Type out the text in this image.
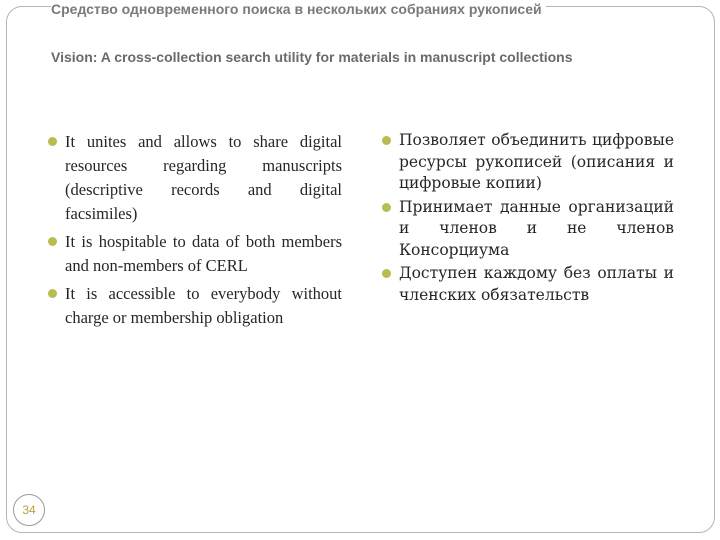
Средство одновременного поиска в нескольких собраниях рукописей
Vision: A cross-collection search utility for materials in manuscript collections
It unites and allows to share digital resources regarding manuscripts (descriptive records and digital facsimiles)
It is hospitable to data of both members and non-members of CERL
It is accessible to everybody without charge or membership obligation
Позволяет объединить цифровые ресурсы рукописей (описания и цифровые копии)
Принимает данные организаций и членов и не членов Консорциума
Доступен каждому без оплаты и членских обязательств
34
